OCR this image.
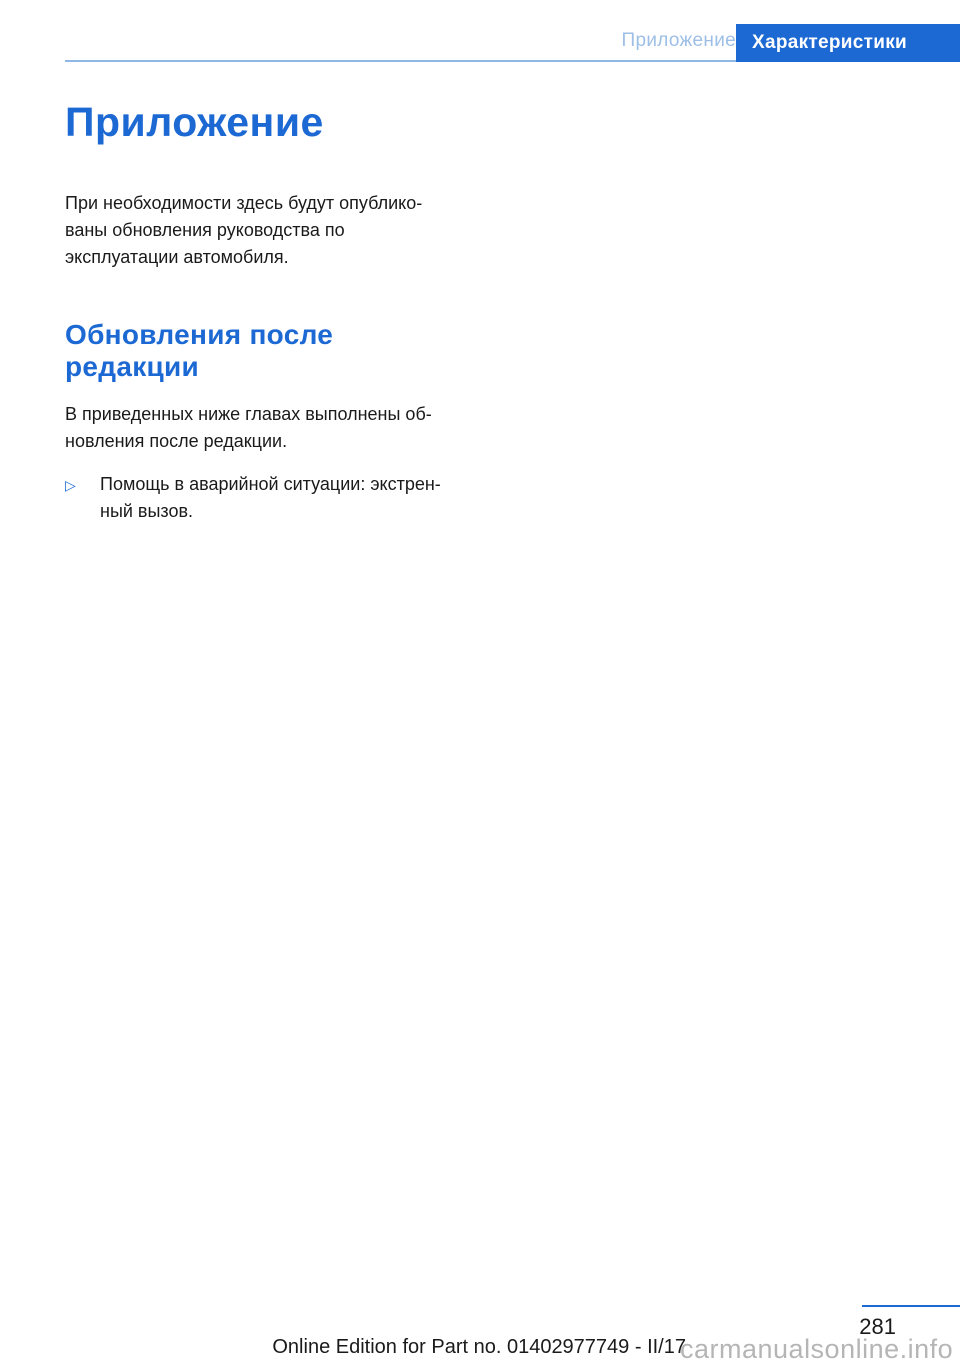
Приложение Характеристики
Приложение

При необходимости здесь будут опублико-
ваны обновления руководства по
эксплуатации автомобиля.

Обновления после
редакции

В приведенных ниже главах выполнены об-
новления после редакции.

▷ Помощь в аварийной ситуации: экстрен-
ный вызов.
281
Online Edition for Part no. 01402977749 - II/17
carmanualsonline.info
